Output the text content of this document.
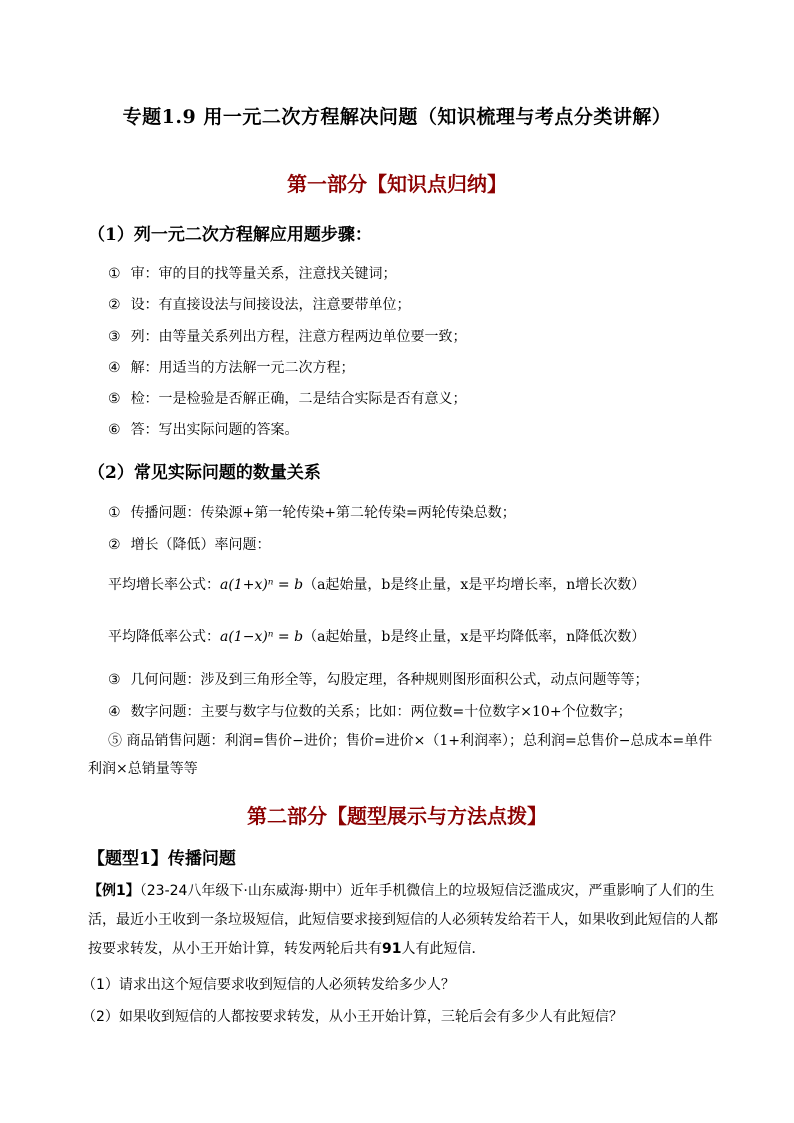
专题1.9 用一元二次方程解决问题（知识梳理与考点分类讲解）
第一部分【知识点归纳】
（1）列一元二次方程解应用题步骤：
① 审：审的目的找等量关系，注意找关键词；
② 设：有直接设法与间接设法，注意要带单位；
③ 列：由等量关系列出方程，注意方程两边单位要一致；
④ 解：用适当的方法解一元二次方程；
⑤ 检：一是检验是否解正确，二是结合实际是否有意义；
⑥ 答：写出实际问题的答案。
（2）常见实际问题的数量关系
① 传播问题：传染源+第一轮传染+第二轮传染=两轮传染总数；
② 增长（降低）率问题：
平均增长率公式：a(1+x)ⁿ = b（a起始量，b是终止量，x是平均增长率，n增长次数）
平均降低率公式：a(1−x)ⁿ = b（a起始量，b是终止量，x是平均降低率，n降低次数）
③ 几何问题：涉及到三角形全等，勾股定理，各种规则图形面积公式，动点问题等等；
④ 数字问题：主要与数字与位数的关系；比如：两位数=十位数字×10+个位数字；
⑤ 商品销售问题：利润=售价−进价；售价=进价×（1+利润率）；总利润=总售价−总成本=单件利润×总销量等等
第二部分【题型展示与方法点拨】
【题型1】传播问题
【例1】（23-24八年级下·山东威海·期中）近年手机微信上的垃圾短信泛滥成灾，严重影响了人们的生活，最近小王收到一条垃圾短信，此短信要求接到短信的人必须转发给若干人，如果收到此短信的人都按要求转发，从小王开始计算，转发两轮后共有91人有此短信．
（1）请求出这个短信要求收到短信的人必须转发给多少人？
（2）如果收到短信的人都按要求转发，从小王开始计算，三轮后会有多少人有此短信？
